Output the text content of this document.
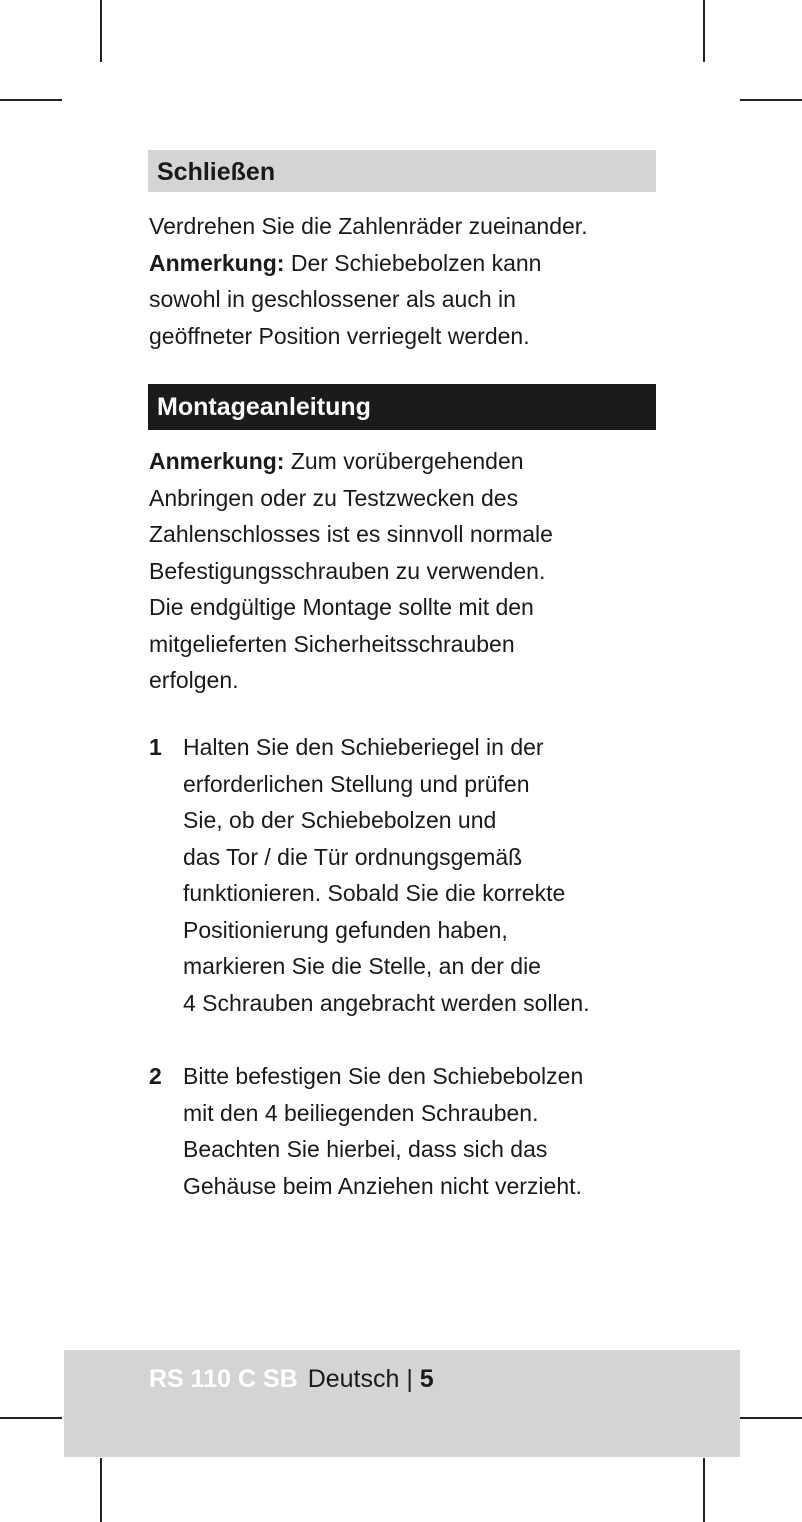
Schließen
Verdrehen Sie die Zahlenräder zueinander.
Anmerkung: Der Schiebebolzen kann
sowohl in geschlossener als auch in
geöffneter Position verriegelt werden.
Montageanleitung
Anmerkung: Zum vorübergehenden
Anbringen oder zu Testzwecken des
Zahlenschlosses ist es sinnvoll normale
Befestigungsschrauben zu verwenden.
Die endgültige Montage sollte mit den
mitgelieferten Sicherheitsschrauben
erfolgen.
1 Halten Sie den Schieberiegel in der
erforderlichen Stellung und prüfen
Sie, ob der Schiebebolzen und
das Tor / die Tür ordnungsgemäß
funktionieren. Sobald Sie die korrekte
Positionierung gefunden haben,
markieren Sie die Stelle, an der die
4 Schrauben angebracht werden sollen.
2 Bitte befestigen Sie den Schiebebolzen
mit den 4 beiliegenden Schrauben.
Beachten Sie hierbei, dass sich das
Gehäuse beim Anziehen nicht verzieht.
RS 110 C SB Deutsch | 5
